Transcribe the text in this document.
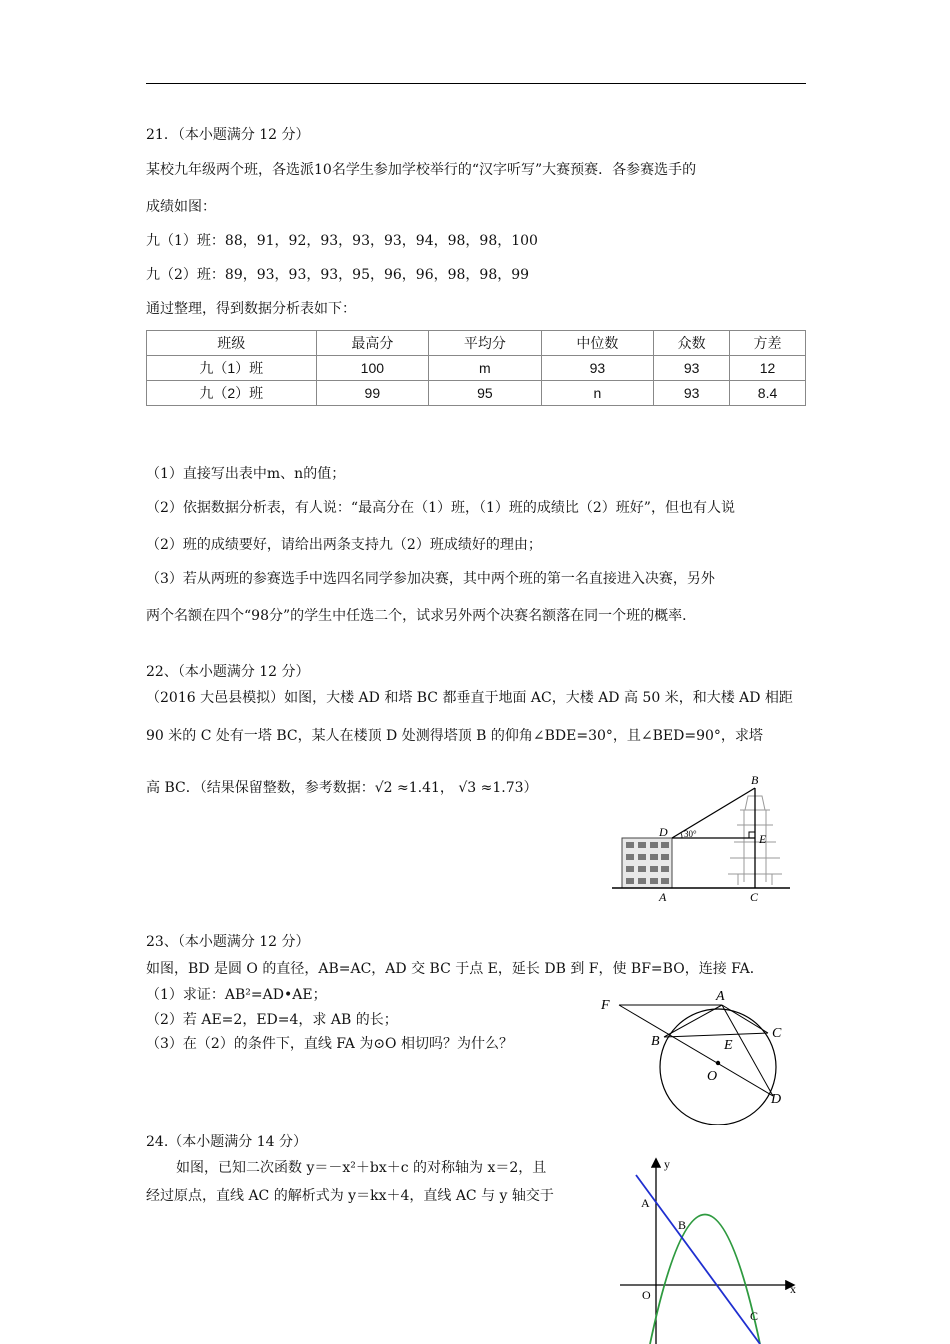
21．（本小题满分 12 分）
某校九年级两个班，各选派10名学生参加学校举行的“汉字听写”大赛预赛．各参赛选手的
成绩如图：
九（1）班：88，91，92，93，93，93，94，98，98，100
九（2）班：89，93，93，93，95，96，96，98，98，99
通过整理，得到数据分析表如下：
班级	最高分	平均分	中位数	众数	方差
九（1）班	100	m	93	93	12
九（2）班	99	95	n	93	8.4
（1）直接写出表中m、n的值；
（2）依据数据分析表，有人说：“最高分在（1）班，（1）班的成绩比（2）班好”，但也有人说
（2）班的成绩要好，请给出两条支持九（2）班成绩好的理由；
（3）若从两班的参赛选手中选四名同学参加决赛，其中两个班的第一名直接进入决赛，另外
两个名额在四个“98分”的学生中任选二个，试求另外两个决赛名额落在同一个班的概率．
22、（本小题满分 12 分）
（2016 大邑县模拟）如图，大楼 AD 和塔 BC 都垂直于地面 AC，大楼 AD 高 50 米，和大楼 AD 相距
90 米的 C 处有一塔 BC，某人在楼顶 D 处测得塔顶 B 的仰角∠BDE=30°，且∠BED=90°，求塔
高 BC．（结果保留整数，参考数据：√2 ≈1.41， √3 ≈1.73）
30°
B
D	E
A	C
23、（本小题满分 12 分）
如图，BD 是圆 O 的直径，AB=AC，AD 交 BC 于点 E，延长 DB 到 F，使 BF=BO，连接 FA．
（1）求证：AB²=AD•AE；
（2）若 AE=2，ED=4，求 AB 的长；
（3）在（2）的条件下，直线 FA 为⊙O 相切吗？为什么？
F
A
B
C
E
O
D
24.（本小题满分 14 分）
如图，已知二次函数 y＝－x²＋bx＋c 的对称轴为 x＝2，且
经过原点，直线 AC 的解析式为 y＝kx＋4，直线 AC 与 y 轴交于
y
x
A
B
O
C
